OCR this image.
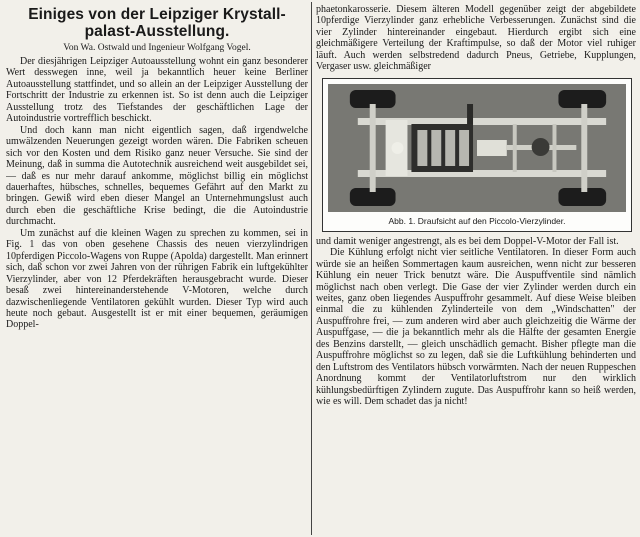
Einiges von der Leipziger Krystall-palast-Ausstellung.
Von Wa. Ostwald und Ingenieur Wolfgang Vogel.

Der diesjährigen Leipziger Autoausstellung wohnt ein ganz besonderer Wert desswegen inne, weil ja bekanntlich heuer keine Berliner Autoausstellung stattfindet, und so allein an der Leipziger Ausstellung der Fortschritt der Industrie zu erkennen ist. So ist denn auch die Leipziger Ausstellung trotz des Tiefstandes der geschäftlichen Lage der Autoindustrie vortrefflich beschickt.

Und doch kann man nicht eigentlich sagen, daß irgendwelche umwälzenden Neuerungen gezeigt worden wären. Die Fabriken scheuen sich vor den Kosten und dem Risiko ganz neuer Versuche. Sie sind der Meinung, daß in summa die Autotechnik ausreichend weit ausgebildet sei, — daß es nur mehr darauf ankomme, möglichst billig ein möglichst dauerhaftes, hübsches, schnelles, bequemes Gefährt auf den Markt zu bringen. Gewiß wird eben dieser Mangel an Unternehmungslust auch durch eben die geschäftliche Krise bedingt, die die Autoindustrie durchmacht.

Um zunächst auf die kleinen Wagen zu sprechen zu kommen, sei in Fig. 1 das von oben gesehene Chassis des neuen vierzylindrigen 10pferdigen Piccolo-Wagens von Ruppe (Apolda) dargestellt. Man erinnert sich, daß schon vor zwei Jahren von der rührigen Fabrik ein luftgekühlter Vierzylinder, aber von 12 Pferdekräften herausgebracht wurde. Dieser besaß zwei hintereinanderstehende V-Motoren, welche durch dazwischenliegende Ventilatoren gekühlt wurden. Dieser Typ wird auch heute noch gebaut. Ausgestellt ist er mit einer bequemen, geräumigen Doppel-

phaetonkarosserie. Diesem älteren Modell gegenüber zeigt der abgebildete 10pferdige Vierzylinder ganz erhebliche Verbesserungen. Zunächst sind die vier Zylinder hintereinander eingebaut. Hierdurch ergibt sich eine gleichmäßigere Verteilung der Kraftimpulse, so daß der Motor viel ruhiger läuft. Auch werden selbstredend dadurch Pneus, Getriebe, Kupplungen, Vergaser usw. gleichmäßiger

Abb. 1. Draufsicht auf den Piccolo-Vierzylinder.

und damit weniger angestrengt, als es bei dem Doppel-V-Motor der Fall ist.

Die Kühlung erfolgt nicht vier seitliche Ventilatoren. In dieser Form auch würde sie an heißen Sommertagen kaum ausreichen, wenn nicht zur besseren Kühlung ein neuer Trick benutzt wäre. Die Auspuffventile sind nämlich möglichst nach oben verlegt. Die Gase der vier Zylinder werden durch ein weites, ganz oben liegendes Auspuffrohr gesammelt. Auf diese Weise bleiben einmal die zu kühlenden Zylinderteile von dem „Windschatten" der Auspuffrohre frei, — zum anderen wird aber auch gleichzeitig die Wärme der Auspuffgase, — die ja bekanntlich mehr als die Hälfte der gesamten Energie des Benzins darstellt, — gleich unschädlich gemacht. Bisher pflegte man die Auspuffrohre möglichst so zu legen, daß sie die Luftkühlung behinderten und den Luftstrom des Ventilators hübsch vorwärmten. Nach der neuen Ruppeschen Anordnung kommt der Ventilatorluftstrom nur den wirklich kühlungsbedürftigen Zylindern zugute. Das Auspuffrohr kann so heiß werden, wie es will. Dem schadet das ja nicht!
